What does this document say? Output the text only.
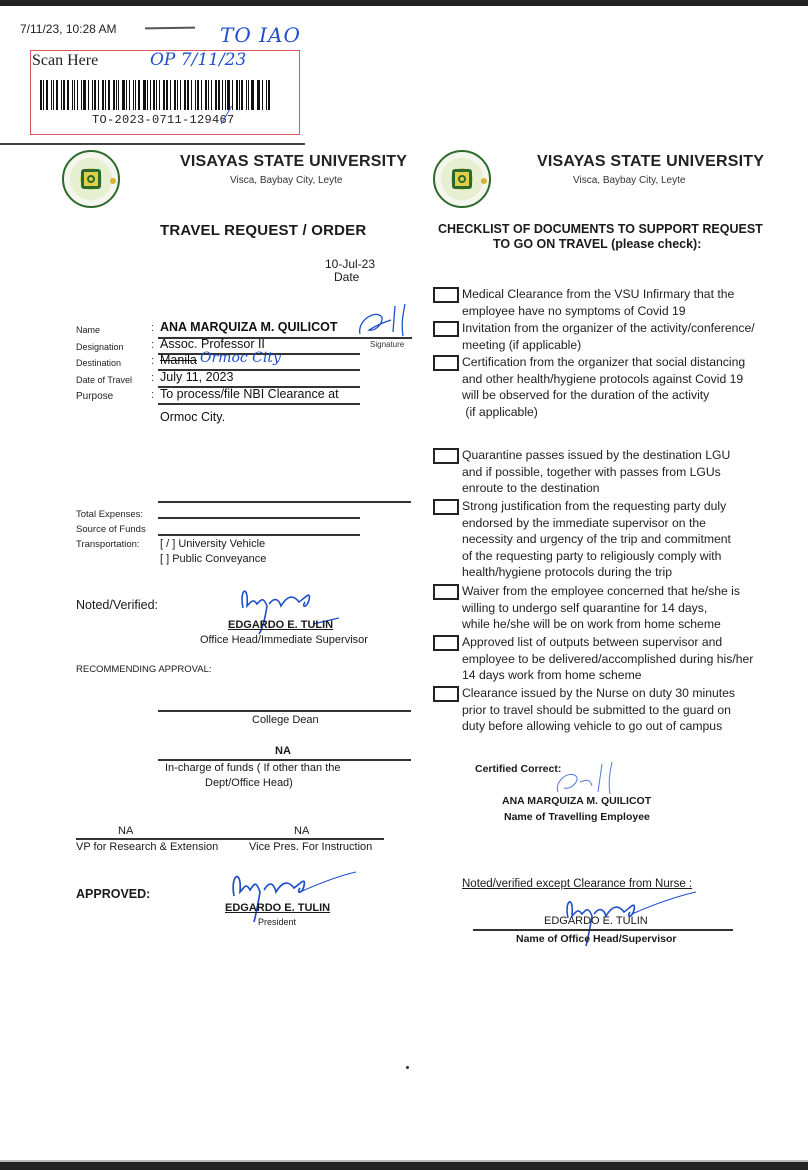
7/11/23, 10:28 AM	TO IAO
Scan Here	OP 7/11/23
TO-2023-0711-129467
VISAYAS STATE UNIVERSITY
Visca, Baybay City, Leyte
TRAVEL REQUEST / ORDER
10-Jul-23
Date
Name	: ANA MARQUIZA M. QUILICOT
Designation : Assoc. Professor II
Destination	: Manila Ormoc City
Date of Travel : July 11, 2023
Purpose	: To process/file NBI Clearance at
Ormoc City.
Signature
Total Expenses:
Source of Funds
Transportation: [ / ] University Vehicle
[ ] Public Conveyance
Noted/Verified:
EDGARDO E. TULIN
Office Head/Immediate Supervisor
RECOMMENDING APPROVAL:
College Dean
NA
In-charge of funds ( If other than the
Dept/Office Head)
NA	NA
VP for Research & Extension	Vice Pres. For Instruction
APPROVED:
EDGARDO E. TULIN
President
VISAYAS STATE UNIVERSITY
Visca, Baybay City, Leyte
CHECKLIST OF DOCUMENTS TO SUPPORT REQUEST
TO GO ON TRAVEL (please check):
Medical Clearance from the VSU Infirmary that the
employee have no symptoms of Covid 19
Invitation from the organizer of the activity/conference/
meeting (if applicable)
Certification from the organizer that social distancing
and other health/hygiene protocols against Covid 19
will be observed for the duration of the activity
(if applicable)
Quarantine passes issued by the destination LGU
and if possible, together with passes from LGUs
enroute to the destination
Strong justification from the requesting party duly
endorsed by the immediate supervisor on the
necessity and urgency of the trip and commitment
of the requesting party to religiously comply with
health/hygiene protocols during the trip
Waiver from the employee concerned that he/she is
willing to undergo self quarantine for 14 days,
while he/she will be on work from home scheme
Approved list of outputs between supervisor and
employee to be delivered/accomplished during his/her
14 days work from home scheme
Clearance issued by the Nurse on duty 30 minutes
prior to travel should be submitted to the guard on
duty before allowing vehicle to go out of campus
Certified Correct:
ANA MARQUIZA M. QUILICOT
Name of Travelling Employee
Noted/verified except Clearance from Nurse :
EDGARDO E. TULIN
Name of Office Head/Supervisor
